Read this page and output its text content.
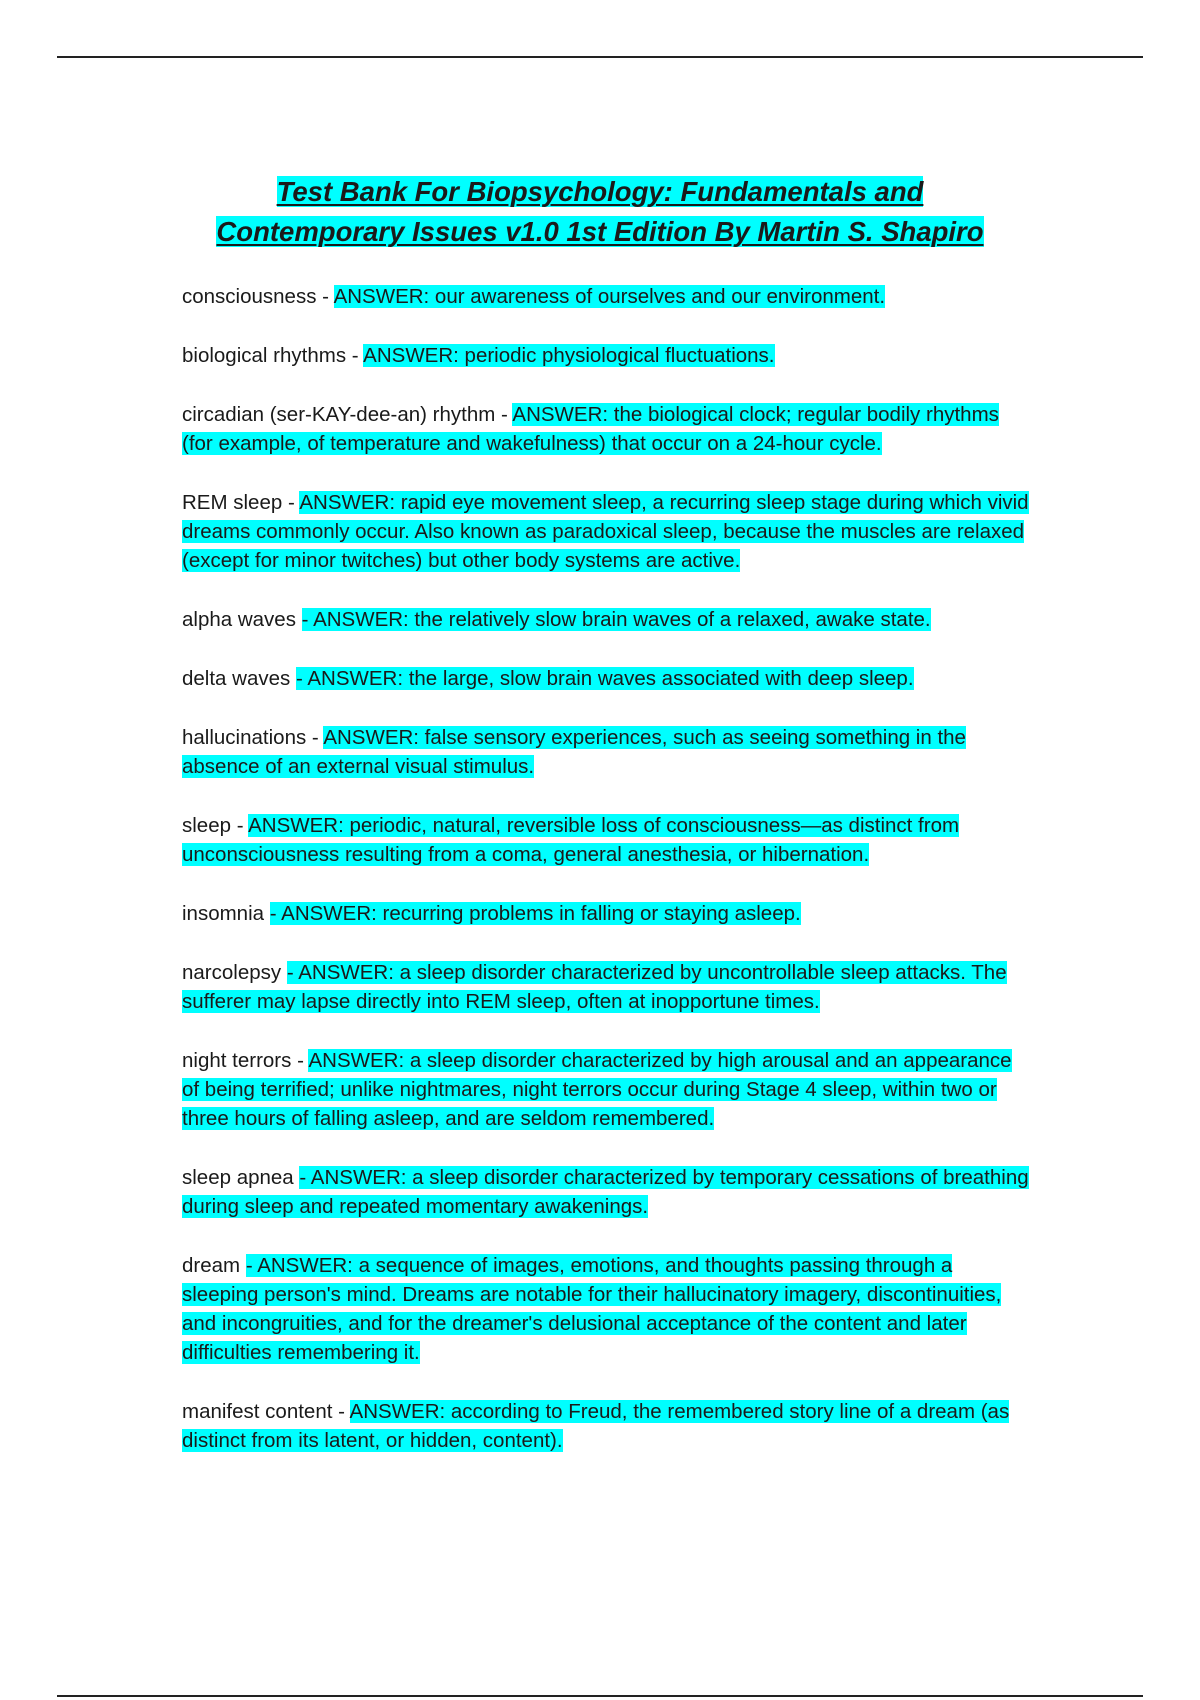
Test Bank For Biopsychology: Fundamentals and
Contemporary Issues v1.0 1st Edition By Martin S. Shapiro

consciousness - ANSWER: our awareness of ourselves and our environment.

biological rhythms - ANSWER: periodic physiological fluctuations.

circadian (ser-KAY-dee-an) rhythm - ANSWER: the biological clock; regular bodily rhythms (for example, of temperature and wakefulness) that occur on a 24-hour cycle.

REM sleep - ANSWER: rapid eye movement sleep, a recurring sleep stage during which vivid dreams commonly occur. Also known as paradoxical sleep, because the muscles are relaxed (except for minor twitches) but other body systems are active.

alpha waves - ANSWER: the relatively slow brain waves of a relaxed, awake state.

delta waves - ANSWER: the large, slow brain waves associated with deep sleep.

hallucinations - ANSWER: false sensory experiences, such as seeing something in the absence of an external visual stimulus.

sleep - ANSWER: periodic, natural, reversible loss of consciousness—as distinct from unconsciousness resulting from a coma, general anesthesia, or hibernation.

insomnia - ANSWER: recurring problems in falling or staying asleep.

narcolepsy - ANSWER: a sleep disorder characterized by uncontrollable sleep attacks. The sufferer may lapse directly into REM sleep, often at inopportune times.

night terrors - ANSWER: a sleep disorder characterized by high arousal and an appearance of being terrified; unlike nightmares, night terrors occur during Stage 4 sleep, within two or three hours of falling asleep, and are seldom remembered.

sleep apnea - ANSWER: a sleep disorder characterized by temporary cessations of breathing during sleep and repeated momentary awakenings.

dream - ANSWER: a sequence of images, emotions, and thoughts passing through a sleeping person's mind. Dreams are notable for their hallucinatory imagery, discontinuities, and incongruities, and for the dreamer's delusional acceptance of the content and later difficulties remembering it.

manifest content - ANSWER: according to Freud, the remembered story line of a dream (as distinct from its latent, or hidden, content).
